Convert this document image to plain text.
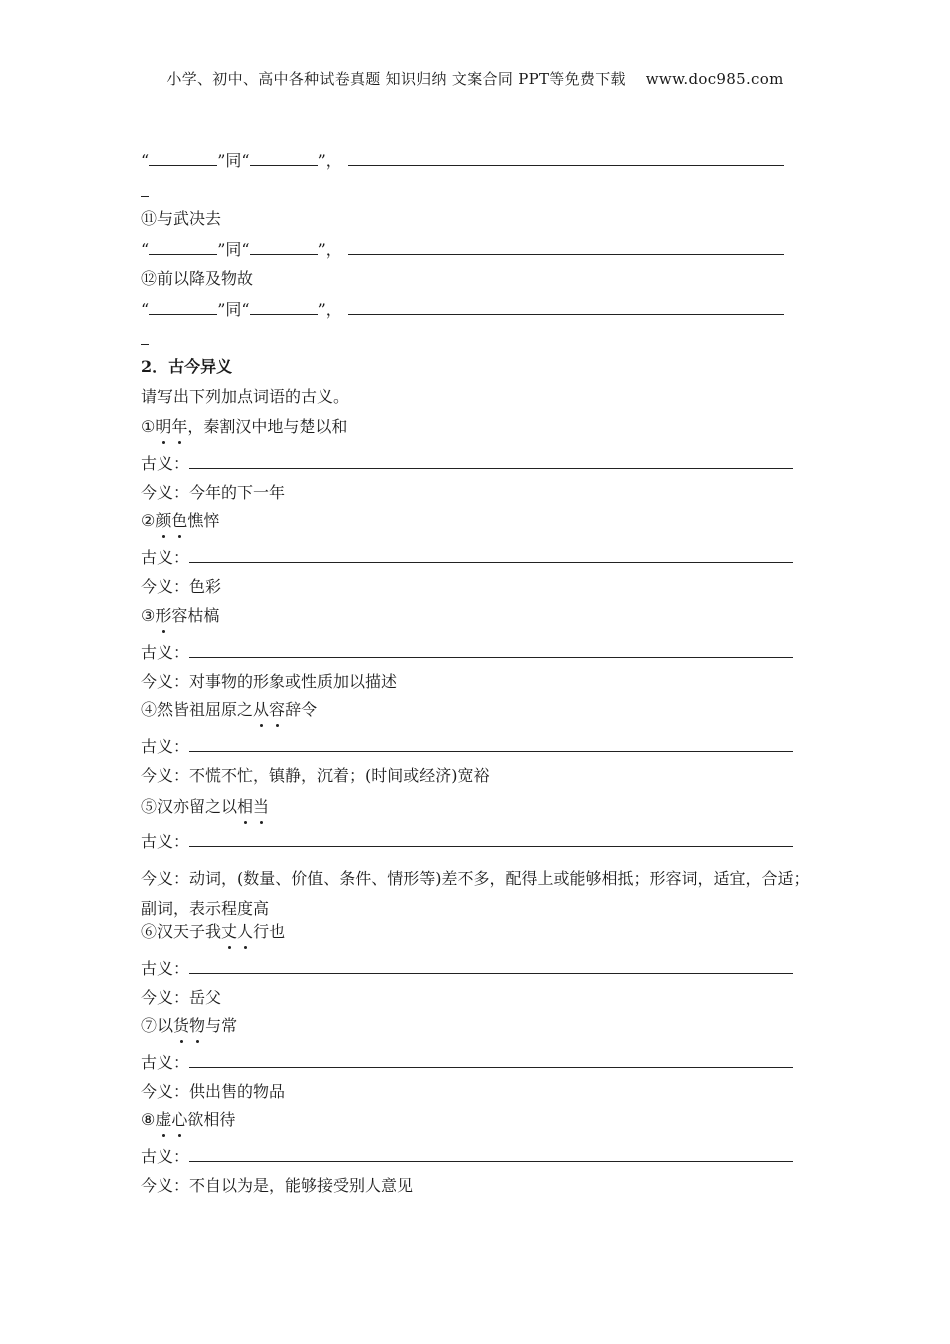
小学、初中、高中各种试卷真题 知识归纳 文案合同 PPT等免费下载 www.doc985.com
“	”同“	”，
⑪与武决去
“	”同“	”，
⑫前以降及物故
“	”同“	”，
2．古今异义
请写出下列加点词语的古义。
①明年，秦割汉中地与楚以和
古义：
今义：今年的下一年
②颜色憔悴
古义：
今义：色彩
③形容枯槁
古义：
今义：对事物的形象或性质加以描述
④然皆祖屈原之从容辞令
古义：
今义：不慌不忙，镇静，沉着；(时间或经济)宽裕
⑤汉亦留之以相当
古义：
今义：动词，(数量、价值、条件、情形等)差不多，配得上或能够相抵；形容词，适宜，合适；副词，表示程度高
⑥汉天子我丈人行也
古义：
今义：岳父
⑦以货物与常
古义：
今义：供出售的物品
⑧虚心欲相待
古义：
今义：不自以为是，能够接受别人意见
